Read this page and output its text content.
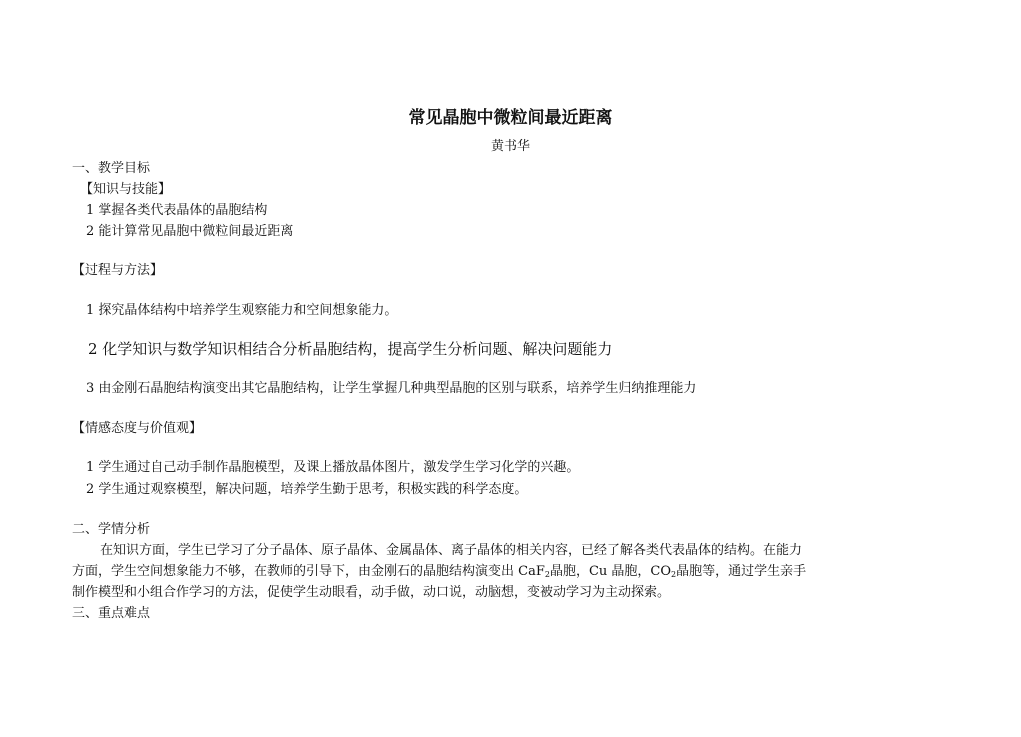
常见晶胞中微粒间最近距离
黄书华
一、教学目标
【知识与技能】
1 掌握各类代表晶体的晶胞结构
2 能计算常见晶胞中微粒间最近距离
【过程与方法】
1 探究晶体结构中培养学生观察能力和空间想象能力。
2 化学知识与数学知识相结合分析晶胞结构，提高学生分析问题、解决问题能力
3 由金刚石晶胞结构演变出其它晶胞结构，让学生掌握几种典型晶胞的区别与联系，培养学生归纳推理能力
【情感态度与价值观】
1 学生通过自己动手制作晶胞模型，及课上播放晶体图片，激发学生学习化学的兴趣。
2 学生通过观察模型，解决问题，培养学生勤于思考，积极实践的科学态度。
二、学情分析
在知识方面，学生已学习了分子晶体、原子晶体、金属晶体、离子晶体的相关内容，已经了解各类代表晶体的结构。在能力
方面，学生空间想象能力不够，在教师的引导下，由金刚石的晶胞结构演变出 CaF$_2$晶胞，Cu 晶胞，$CO_2$晶胞等，通过学生亲手
制作模型和小组合作学习的方法，促使学生动眼看，动手做，动口说，动脑想，变被动学习为主动探索。
三、重点难点
